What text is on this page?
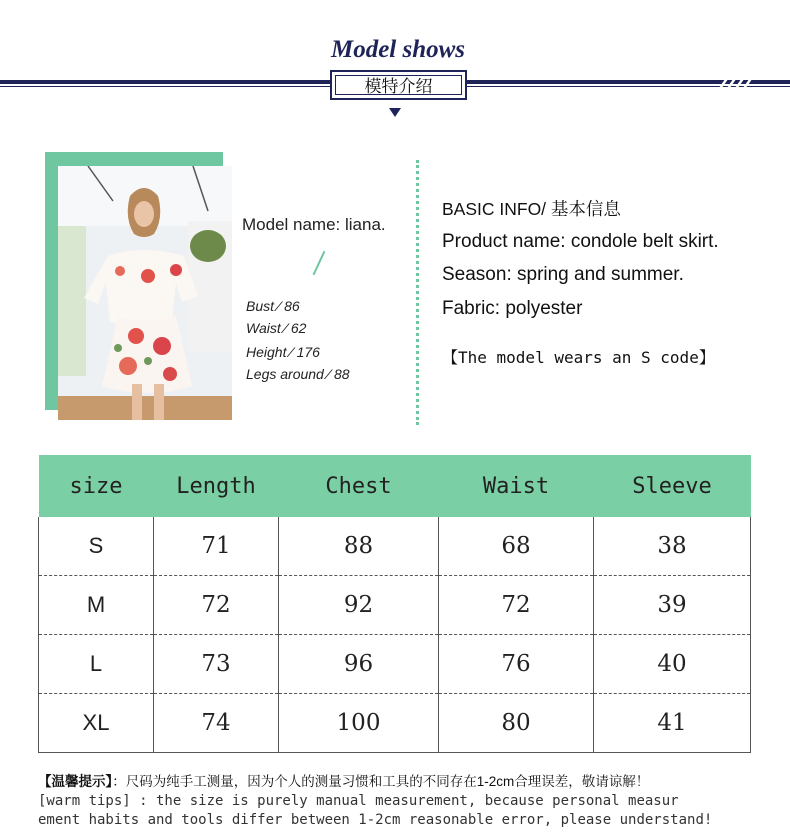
Model shows
模特介绍
Model name: liana.
Bust ⁄ 86
Waist ⁄ 62
Height ⁄ 176
Legs around ⁄ 88
BASIC INFO/ 基本信息
Product name: condole belt skirt.
Season: spring and summer.
Fabric: polyester
【The model wears an S code】
size	Length	Chest	Waist	Sleeve
S	71	88	68	38
M	72	92	72	39
L	73	96	76	40
XL	74	100	80	41
【温馨提示】：尺码为纯手工测量，因为个人的测量习惯和工具的不同存在1-2cm合理误差，敬请谅解！
[warm tips] : the size is purely manual measurement, because personal measur
ement habits and tools differ between 1-2cm reasonable error, please understand!
